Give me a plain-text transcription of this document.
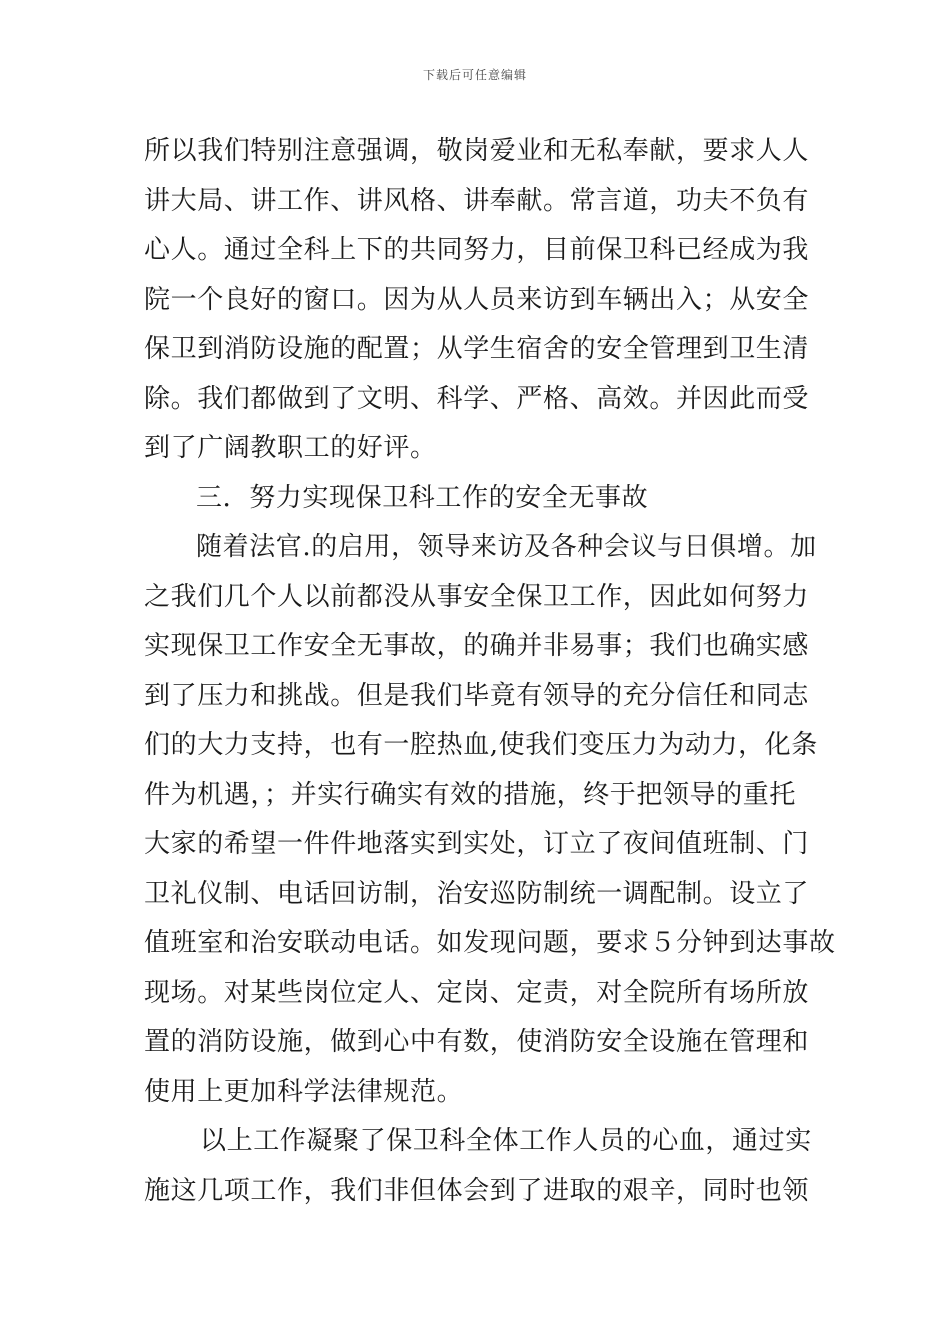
下载后可任意编辑
所以我们特别注意强调，敬岗爱业和无私奉献，要求人人
讲大局、讲工作、讲风格、讲奉献。常言道，功夫不负有
心人。通过全科上下的共同努力，目前保卫科已经成为我
院一个良好的窗口。因为从人员来访到车辆出入；从安全
保卫到消防设施的配置；从学生宿舍的安全管理到卫生清
除。我们都做到了文明、科学、严格、高效。并因此而受
到了广阔教职工的好评。
三．努力实现保卫科工作的安全无事故
随着法官.的启用，领导来访及各种会议与日俱增。加
之我们几个人以前都没从事安全保卫工作，因此如何努力
实现保卫工作安全无事故，的确并非易事；我们也确实感
到了压力和挑战。但是我们毕竟有领导的充分信任和同志
们的大力支持，也有一腔热血,使我们变压力为动力，化条
件为机遇，；并实行确实有效的措施，终于把领导的重托
大家的希望一件件地落实到实处，订立了夜间值班制、门
卫礼仪制、电话回访制，治安巡防制统一调配制。设立了
值班室和治安联动电话。如发现问题，要求５分钟到达事故
现场。对某些岗位定人、定岗、定责，对全院所有场所放
置的消防设施，做到心中有数，使消防安全设施在管理和
使用上更加科学法律规范。
以上工作凝聚了保卫科全体工作人员的心血，通过实
施这几项工作，我们非但体会到了进取的艰辛，同时也领
